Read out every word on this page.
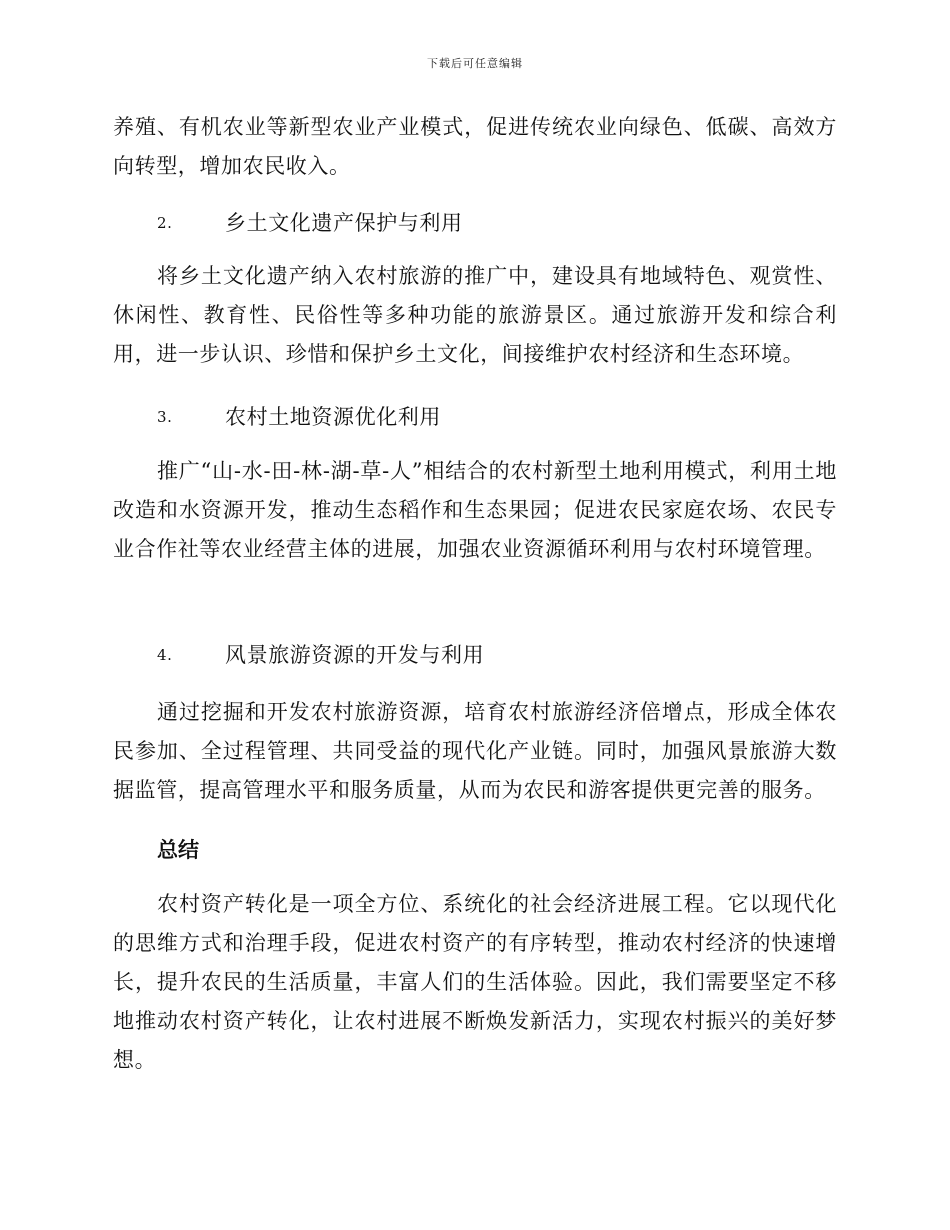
下载后可任意编辑

养殖、有机农业等新型农业产业模式，促进传统农业向绿色、低碳、高效方向转型，增加农民收入。

2.	乡土文化遗产保护与利用

将乡土文化遗产纳入农村旅游的推广中，建设具有地域特色、观赏性、休闲性、教育性、民俗性等多种功能的旅游景区。通过旅游开发和综合利用，进一步认识、珍惜和保护乡土文化，间接维护农村经济和生态环境。

3.	农村土地资源优化利用

推广“山-水-田-林-湖-草-人”相结合的农村新型土地利用模式，利用土地改造和水资源开发，推动生态稻作和生态果园；促进农民家庭农场、农民专业合作社等农业经营主体的进展，加强农业资源循环利用与农村环境管理。

4.	风景旅游资源的开发与利用

通过挖掘和开发农村旅游资源，培育农村旅游经济倍增点，形成全体农民参加、全过程管理、共同受益的现代化产业链。同时，加强风景旅游大数据监管，提高管理水平和服务质量，从而为农民和游客提供更完善的服务。

总结

农村资产转化是一项全方位、系统化的社会经济进展工程。它以现代化的思维方式和治理手段，促进农村资产的有序转型，推动农村经济的快速增长，提升农民的生活质量，丰富人们的生活体验。因此，我们需要坚定不移地推动农村资产转化，让农村进展不断焕发新活力，实现农村振兴的美好梦想。
